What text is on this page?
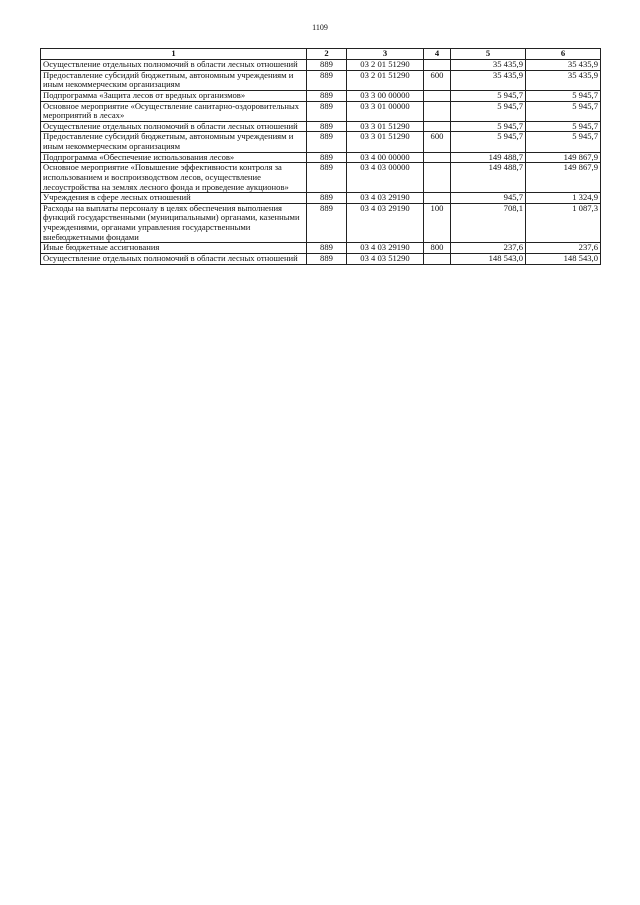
1109
1	2	3	4	5	6
Осуществление отдельных полномочий в области лесных отношений	889	03 2 01 51290		35 435,9	35 435,9
Предоставление субсидий бюджетным, автономным учреждениям и иным некоммерческим организациям	889	03 2 01 51290	600	35 435,9	35 435,9
Подпрограмма «Защита лесов от вредных организмов»	889	03 3 00 00000		5 945,7	5 945,7
Основное мероприятие «Осуществление санитарно-оздоровительных мероприятий в лесах»	889	03 3 01 00000		5 945,7	5 945,7
Осуществление отдельных полномочий в области лесных отношений	889	03 3 01 51290		5 945,7	5 945,7
Предоставление субсидий бюджетным, автономным учреждениям и иным некоммерческим организациям	889	03 3 01 51290	600	5 945,7	5 945,7
Подпрограмма «Обеспечение использования лесов»	889	03 4 00 00000		149 488,7	149 867,9
Основное мероприятие «Повышение эффективности контроля за использованием и воспроизводством лесов, осуществление лесоустройства на землях лесного фонда и проведение аукционов»	889	03 4 03 00000		149 488,7	149 867,9
Учреждения в сфере лесных отношений	889	03 4 03 29190		945,7	1 324,9
Расходы на выплаты персоналу в целях обеспечения выполнения функций государственными (муниципальными) органами, казенными учреждениями, органами управления государственными внебюджетными фондами	889	03 4 03 29190	100	708,1	1 087,3
Иные бюджетные ассигнования	889	03 4 03 29190	800	237,6	237,6
Осуществление отдельных полномочий в области лесных отношений	889	03 4 03 51290		148 543,0	148 543,0
